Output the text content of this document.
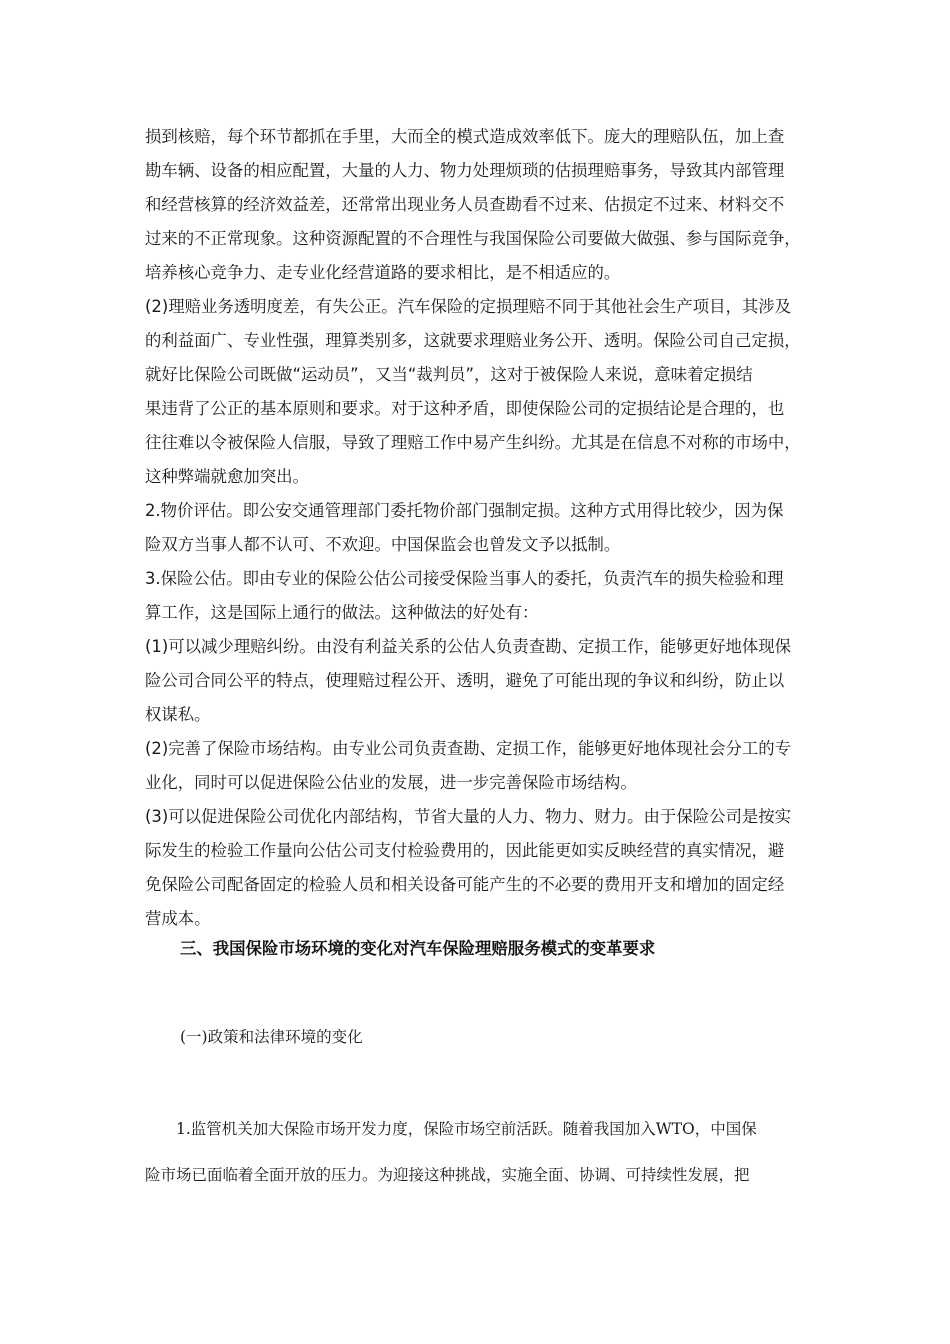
损到核赔，每个环节都抓在手里，大而全的模式造成效率低下。庞大的理赔队伍，加上查
勘车辆、设备的相应配置，大量的人力、物力处理烦琐的估损理赔事务，导致其内部管理
和经营核算的经济效益差，还常常出现业务人员查勘看不过来、估损定不过来、材料交不
过来的不正常现象。这种资源配置的不合理性与我国保险公司要做大做强、参与国际竞争，
培养核心竞争力、走专业化经营道路的要求相比，是不相适应的。
(2)理赔业务透明度差，有失公正。汽车保险的定损理赔不同于其他社会生产项目，其涉及
的利益面广、专业性强，理算类别多，这就要求理赔业务公开、透明。保险公司自己定损，
就好比保险公司既做“运动员”，又当“裁判员”，这对于被保险人来说，意味着定损结
果违背了公正的基本原则和要求。对于这种矛盾，即使保险公司的定损结论是合理的，也
往往难以令被保险人信服，导致了理赔工作中易产生纠纷。尤其是在信息不对称的市场中，
这种弊端就愈加突出。
2.物价评估。即公安交通管理部门委托物价部门强制定损。这种方式用得比较少，因为保
险双方当事人都不认可、不欢迎。中国保监会也曾发文予以抵制。
3.保险公估。即由专业的保险公估公司接受保险当事人的委托，负责汽车的损失检验和理
算工作，这是国际上通行的做法。这种做法的好处有：
(1)可以减少理赔纠纷。由没有利益关系的公估人负责查勘、定损工作，能够更好地体现保
险公司合同公平的特点，使理赔过程公开、透明，避免了可能出现的争议和纠纷，防止以
权谋私。
(2)完善了保险市场结构。由专业公司负责查勘、定损工作，能够更好地体现社会分工的专
业化，同时可以促进保险公估业的发展，进一步完善保险市场结构。
(3)可以促进保险公司优化内部结构，节省大量的人力、物力、财力。由于保险公司是按实
际发生的检验工作量向公估公司支付检验费用的，因此能更如实反映经营的真实情况，避
免保险公司配备固定的检验人员和相关设备可能产生的不必要的费用开支和增加的固定经
营成本。
三、我国保险市场环境的变化对汽车保险理赔服务模式的变革要求
(一)政策和法律环境的变化
　　1.监管机关加大保险市场开发力度，保险市场空前活跃。随着我国加入WTO，中国保
险市场已面临着全面开放的压力。为迎接这种挑战，实施全面、协调、可持续性发展，把
